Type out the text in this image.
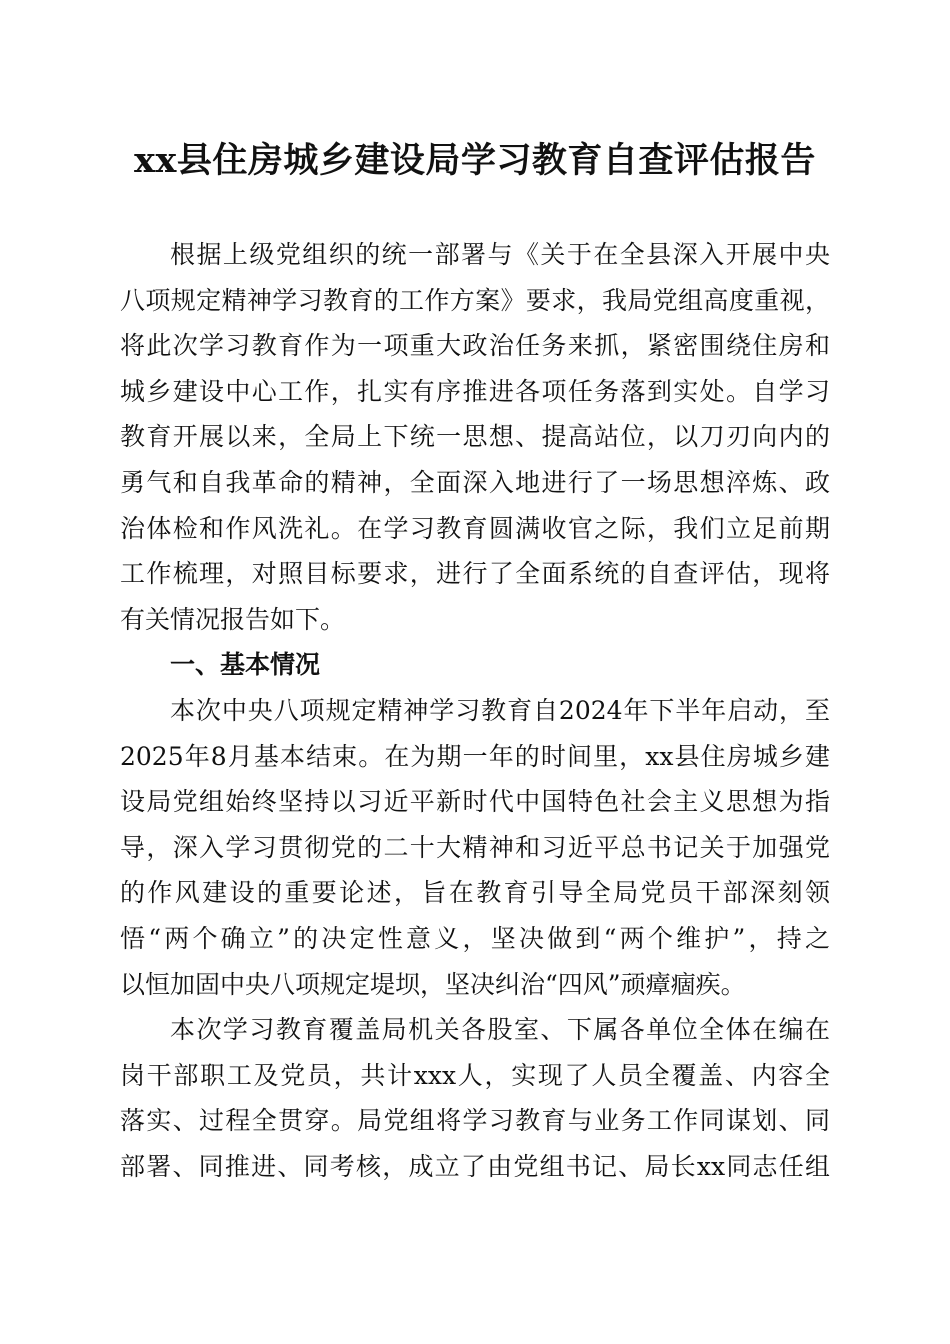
xx县住房城乡建设局学习教育自查评估报告
根据上级党组织的统一部署与《关于在全县深入开展中央
八项规定精神学习教育的工作方案》要求，我局党组高度重视，
将此次学习教育作为一项重大政治任务来抓，紧密围绕住房和
城乡建设中心工作，扎实有序推进各项任务落到实处。自学习
教育开展以来，全局上下统一思想、提高站位，以刀刃向内的
勇气和自我革命的精神，全面深入地进行了一场思想淬炼、政
治体检和作风洗礼。在学习教育圆满收官之际，我们立足前期
工作梳理，对照目标要求，进行了全面系统的自查评估，现将
有关情况报告如下。
一、基本情况
本次中央八项规定精神学习教育自2024年下半年启动，至
2025年8月基本结束。在为期一年的时间里，xx县住房城乡建
设局党组始终坚持以习近平新时代中国特色社会主义思想为指
导，深入学习贯彻党的二十大精神和习近平总书记关于加强党
的作风建设的重要论述，旨在教育引导全局党员干部深刻领
悟“两个确立”的决定性意义，坚决做到“两个维护”，持之
以恒加固中央八项规定堤坝，坚决纠治“四风”顽瘴痼疾。
本次学习教育覆盖局机关各股室、下属各单位全体在编在
岗干部职工及党员，共计xxx人，实现了人员全覆盖、内容全
落实、过程全贯穿。局党组将学习教育与业务工作同谋划、同
部署、同推进、同考核，成立了由党组书记、局长xx同志任组
